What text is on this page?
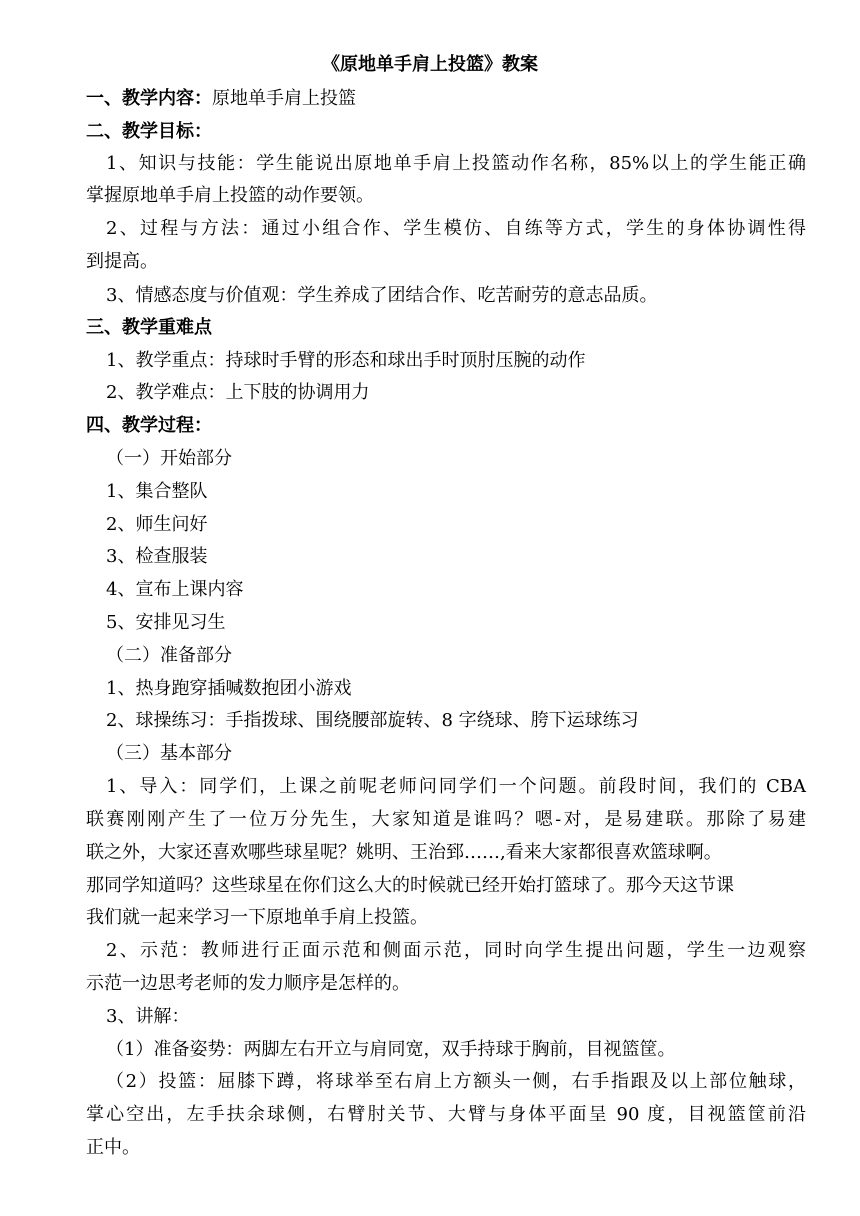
《原地单手肩上投篮》教案
一、教学内容：原地单手肩上投篮
二、教学目标：
1、知识与技能：学生能说出原地单手肩上投篮动作名称，85%以上的学生能正确
掌握原地单手肩上投篮的动作要领。
2、过程与方法：通过小组合作、学生模仿、自练等方式，学生的身体协调性得
到提高。
3、情感态度与价值观：学生养成了团结合作、吃苦耐劳的意志品质。
三、教学重难点
1、教学重点：持球时手臂的形态和球出手时顶肘压腕的动作
2、教学难点：上下肢的协调用力
四、教学过程：
（一）开始部分
1、集合整队
2、师生问好
3、检查服装
4、宣布上课内容
5、安排见习生
（二）准备部分
1、热身跑穿插喊数抱团小游戏
2、球操练习：手指拨球、围绕腰部旋转、8 字绕球、胯下运球练习
（三）基本部分
1、导入：同学们，上课之前呢老师问同学们一个问题。前段时间，我们的 CBA
联赛刚刚产生了一位万分先生，大家知道是谁吗？嗯-对，是易建联。那除了易建
联之外，大家还喜欢哪些球星呢？姚明、王治郅……,看来大家都很喜欢篮球啊。
那同学知道吗？这些球星在你们这么大的时候就已经开始打篮球了。那今天这节课
我们就一起来学习一下原地单手肩上投篮。
2、示范：教师进行正面示范和侧面示范，同时向学生提出问题，学生一边观察
示范一边思考老师的发力顺序是怎样的。
3、讲解：
（1）准备姿势：两脚左右开立与肩同宽，双手持球于胸前，目视篮筐。
（2）投篮：屈膝下蹲，将球举至右肩上方额头一侧，右手指跟及以上部位触球，
掌心空出，左手扶余球侧，右臂肘关节、大臂与身体平面呈 90 度，目视篮筐前沿
正中。
